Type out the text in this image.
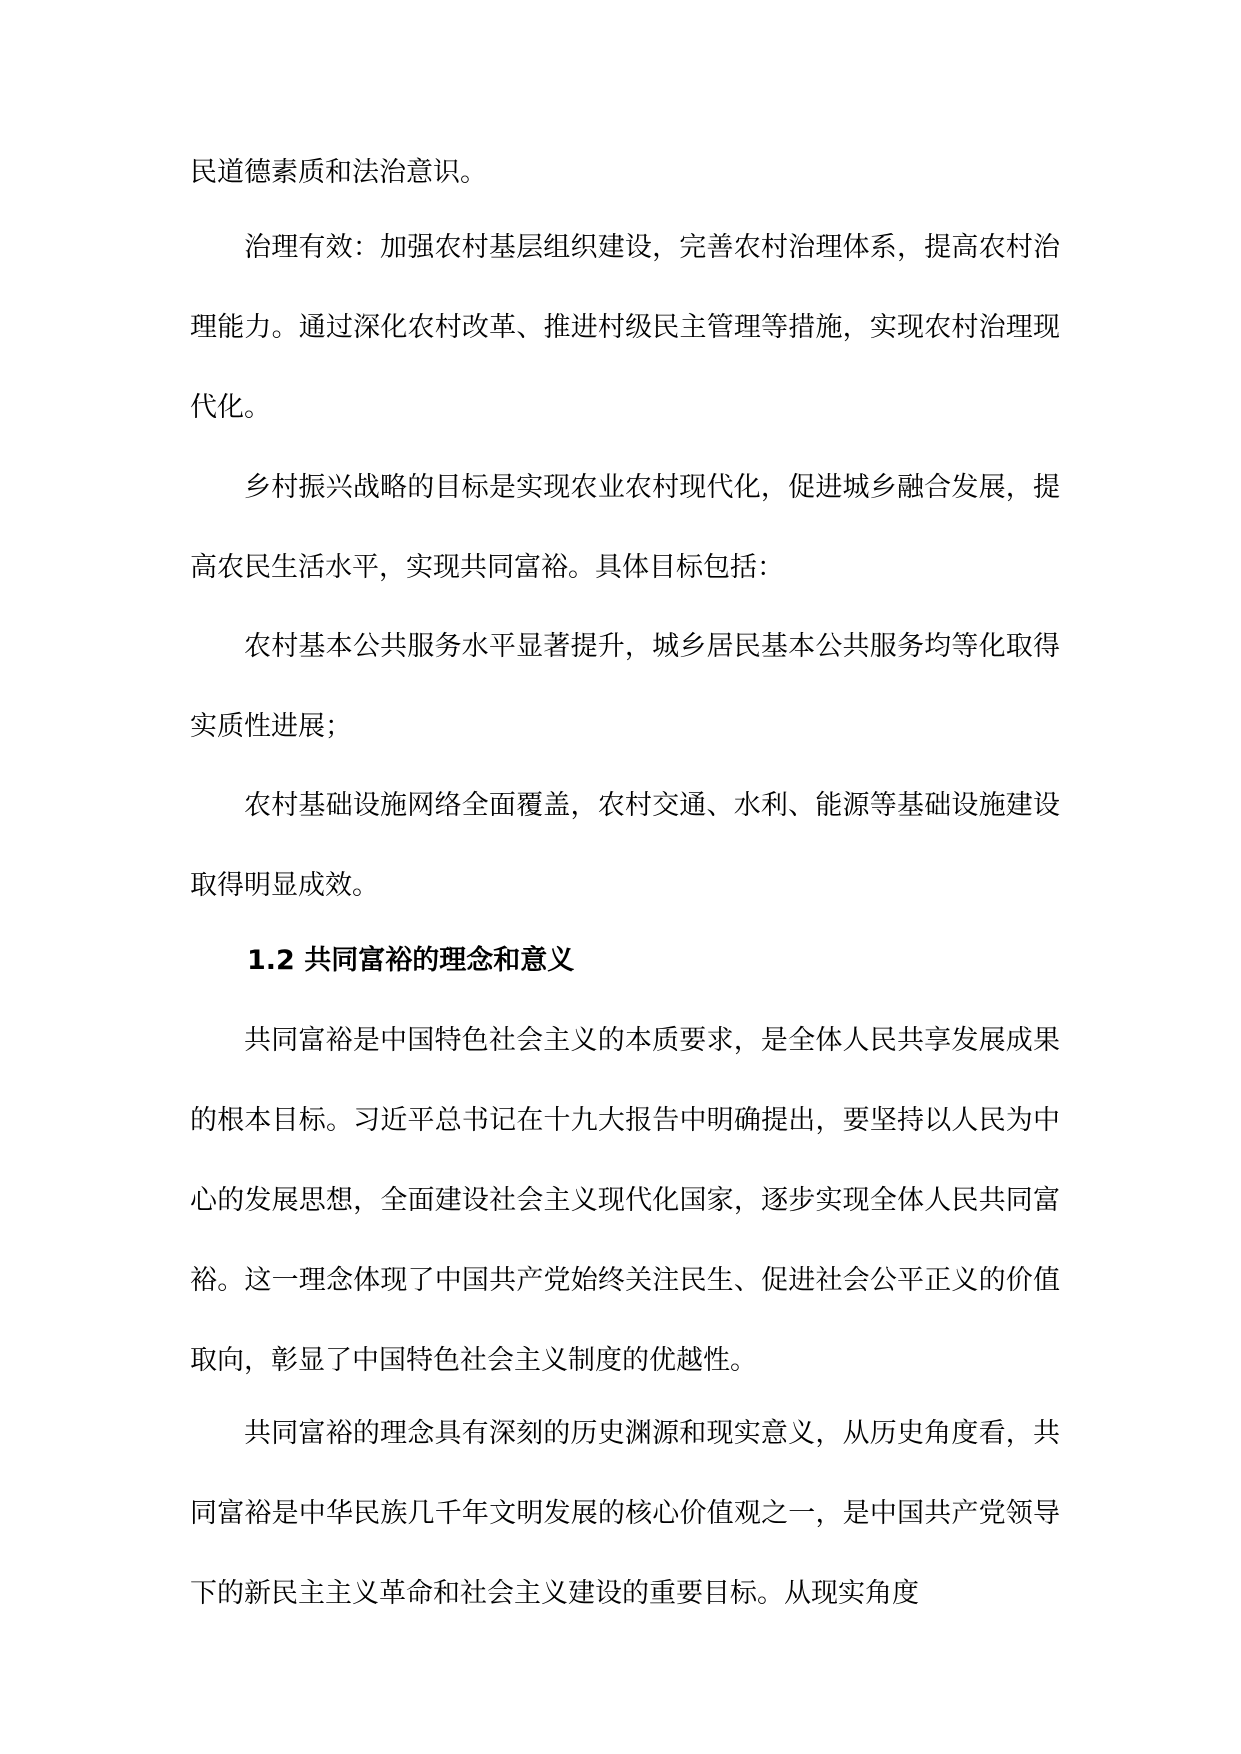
民道德素质和法治意识。

治理有效：加强农村基层组织建设，完善农村治理体系，提高农村治理能力。通过深化农村改革、推进村级民主管理等措施，实现农村治理现代化。

乡村振兴战略的目标是实现农业农村现代化，促进城乡融合发展，提高农民生活水平，实现共同富裕。具体目标包括：

农村基本公共服务水平显著提升，城乡居民基本公共服务均等化取得实质性进展；

农村基础设施网络全面覆盖，农村交通、水利、能源等基础设施建设取得明显成效。

1.2 共同富裕的理念和意义

共同富裕是中国特色社会主义的本质要求，是全体人民共享发展成果的根本目标。习近平总书记在十九大报告中明确提出，要坚持以人民为中心的发展思想，全面建设社会主义现代化国家，逐步实现全体人民共同富裕。这一理念体现了中国共产党始终关注民生、促进社会公平正义的价值取向，彰显了中国特色社会主义制度的优越性。

共同富裕的理念具有深刻的历史渊源和现实意义，从历史角度看，共同富裕是中华民族几千年文明发展的核心价值观之一，是中国共产党领导下的新民主主义革命和社会主义建设的重要目标。从现实角度
